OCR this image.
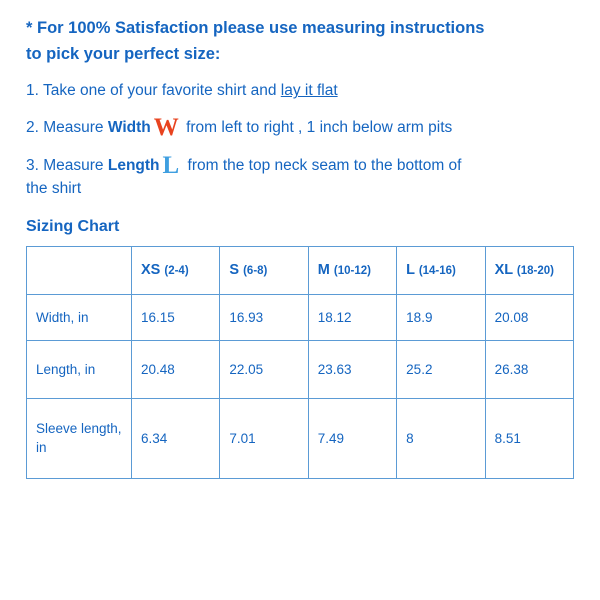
* For 100% Satisfaction please use measuring instructions
to pick your perfect size:
1. Take one of your favorite shirt and lay it flat
2. Measure Width W from left to right , 1 inch below arm pits
3. Measure Length L from the top neck seam to the bottom of
the shirt
Sizing Chart
	XS (2-4)	S (6-8)	M (10-12)	L (14-16)	XL (18-20)
Width, in	16.15	16.93	18.12	18.9	20.08
Length, in	20.48	22.05	23.63	25.2	26.38
Sleeve length, in	6.34	7.01	7.49	8	8.51
